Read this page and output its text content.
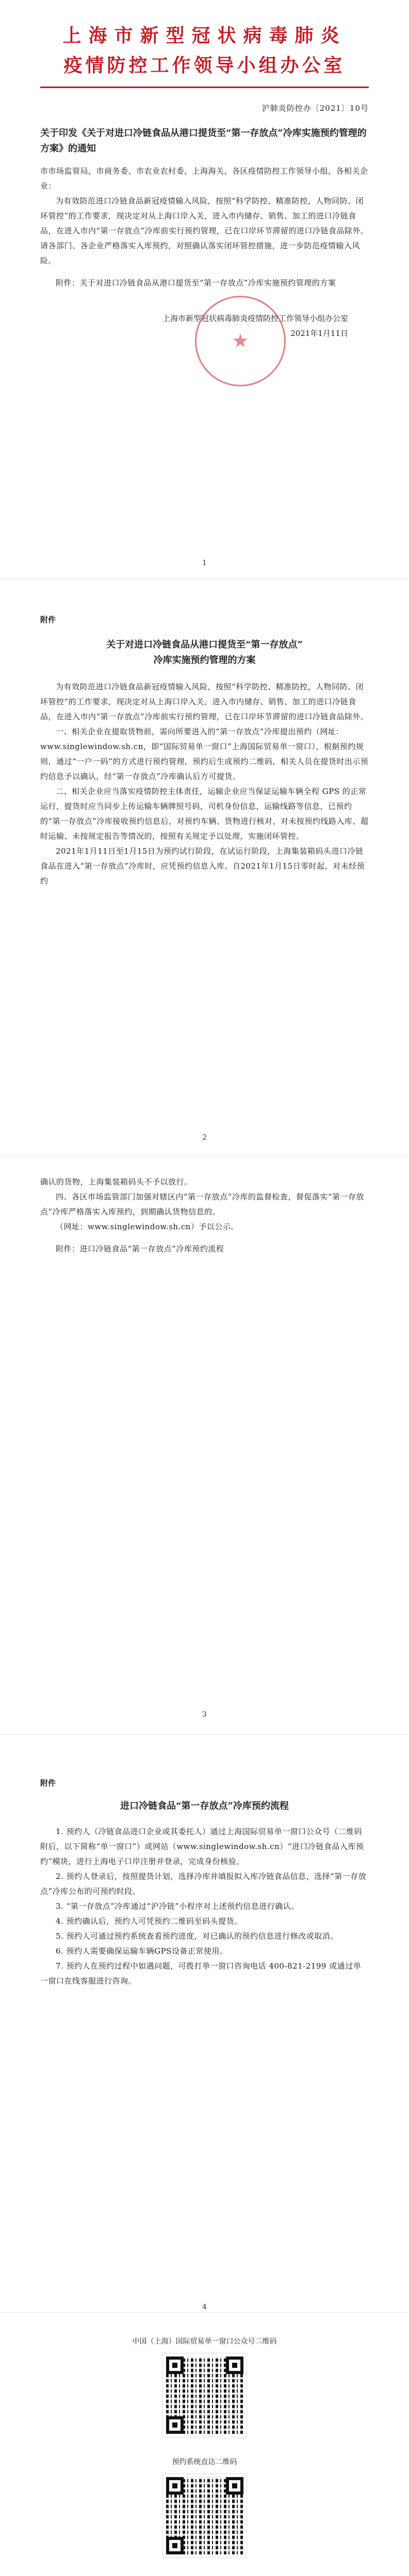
上海市新型冠状病毒肺炎

疫情防控工作领导小组办公室

沪肺炎防控办〔2021〕10号
关于印发《关于对进口冷链食品从港口提货至“第一存放点”冷库实施预约管理的方案》的通知

市市场监管局，市商务委、市农业农村委，上海海关，各区疫情防控工作领导小组，各相关企业：

为有效防范进口冷链食品新冠疫情输入风险，按照“科学防控、精准防控，人物同防、闭环管控”的工作要求，现决定对从上海口岸入关，进入市内储存、销售、加工的进口冷链食品，在进入市内“第一存放点”冷库前实行预约管理，已在口岸环节滞留的进口冷链食品除外。请各部门、各企业严格落实入库预约，对照确认落实闭环管控措施，进一步防范疫情输入风险。

附件：关于对进口冷链食品从港口提货至“第一存放点”冷库实施预约管理的方案

上海市新型冠状病毒肺炎疫情防控工作领导小组办公室
2021年1月11日
1
附件
关于对进口冷链食品从港口提货至“第一存放点”
冷库实施预约管理的方案

为有效防范进口冷链食品新冠疫情输入风险，按照“科学防控、精准防控，人物同防、闭环管控”的工作要求，现决定对从上海口岸入关，进入市内储存、销售、加工的进口冷链食品，在进入市内“第一存放点”冷库前实行预约管理，已在口岸环节滞留的进口冷链食品除外。

一、相关企业在提取货物前，需向所要进入的“第一存放点”冷库提出预约（网址：www.singlewindow.sh.cn，即“国际贸易单一窗口”上海国际贸易单一窗口），根据预约规则，通过“一户一码”的方式进行预约管理，预约后生成预约二维码，相关人员在提货时出示预约信息予以确认，经“第一存放点”冷库确认后方可提货。

二、相关企业应当落实疫情防控主体责任，运输企业应当保证运输车辆全程 GPS 的正常运行，提货时应当同步上传运输车辆牌照号码，司机身份信息，运输线路等信息，已预约的“第一存放点”冷库接收预约信息后，对预约车辆、货物进行核对，对未按预约线路入库、超时运输、未按规定报告等情况的，按照有关规定予以处理，实施闭环管控。

2021年1月11日至1月15日为预约试行阶段，在试运行阶段，上海集装箱码头进口冷链食品在进入“第一存放点”冷库时，应凭预约信息入库。自2021年1月15日零时起，对未经预约

2

确认的货物，上海集装箱码头不予以放行。

四、各区市场监管部门加强对辖区内“第一存放点”冷库的监督检查，督促落实“第一存放点”冷库严格落实入库预约，到期确认货物信息的。

（网址：www.singlewindow.sh.cn）予以公示。

附件：进口冷链食品“第一存放点”冷库预约流程

3
附件
进口冷链食品“第一存放点”冷库预约流程

1. 预约人（冷链食品进口企业或其委托人）通过上海国际贸易单一窗口公众号（二维码附后，以下简称“单一窗口”）或网站（www.singlewindow.sh.cn）“进口冷链食品入库预约”模块，进行上海电子口岸注册并登录，完成身份核验。

2. 预约人登录后，按照提货计划，选择冷库并填报拟入库冷链食品信息，选择“第一存放点”冷库公布的可预约时段。

3. “第一存放点”冷库通过“沪冷链”小程序对上述预约信息进行确认。

4. 预约确认后，预约人可凭预约二维码至码头提货。

5. 预约人可通过预约系统查看预约进度，对已确认的预约信息进行修改或取消。

6. 预约人需要确保运输车辆GPS设备正常使用。

7. 预约人在预约过程中如遇问题，可拨打单一窗口咨询电话 400-821-2199 或通过单一窗口在线客服进行咨询。

4
中国（上海）国际贸易单一窗口公众号二维码
预约系统直达二维码
